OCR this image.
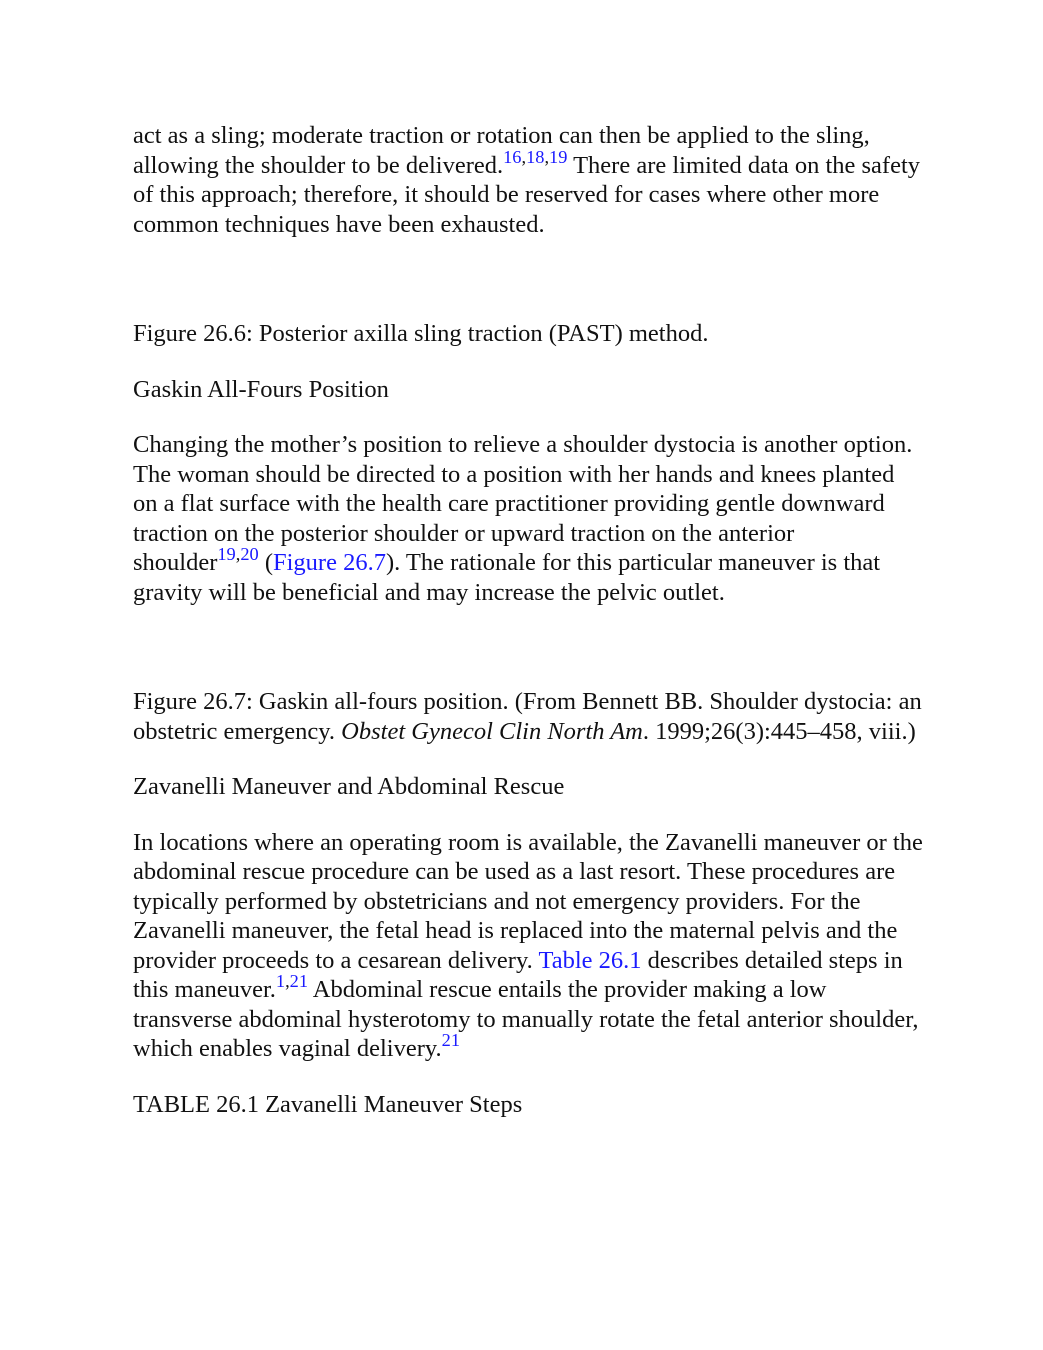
act as a sling; moderate traction or rotation can then be applied to the sling, allowing the shoulder to be delivered.$^{16,18,19}$ There are limited data on the safety of this approach; therefore, it should be reserved for cases where other more common techniques have been exhausted.

Figure 26.6: Posterior axilla sling traction (PAST) method.

Gaskin All-Fours Position

Changing the mother’s position to relieve a shoulder dystocia is another option. The woman should be directed to a position with her hands and knees planted on a flat surface with the health care practitioner providing gentle downward traction on the posterior shoulder or upward traction on the anterior shoulder$^{19,20}$ (Figure 26.7). The rationale for this particular maneuver is that gravity will be beneficial and may increase the pelvic outlet.

Figure 26.7: Gaskin all-fours position. (From Bennett BB. Shoulder dystocia: an obstetric emergency. Obstet Gynecol Clin North Am. 1999;26(3):445–458, viii.)

Zavanelli Maneuver and Abdominal Rescue

In locations where an operating room is available, the Zavanelli maneuver or the abdominal rescue procedure can be used as a last resort. These procedures are typically performed by obstetricians and not emergency providers. For the Zavanelli maneuver, the fetal head is replaced into the maternal pelvis and the provider proceeds to a cesarean delivery. Table 26.1 describes detailed steps in this maneuver.$^{1,21}$ Abdominal rescue entails the provider making a low transverse abdominal hysterotomy to manually rotate the fetal anterior shoulder, which enables vaginal delivery.$^{21}$

TABLE 26.1 Zavanelli Maneuver Steps
